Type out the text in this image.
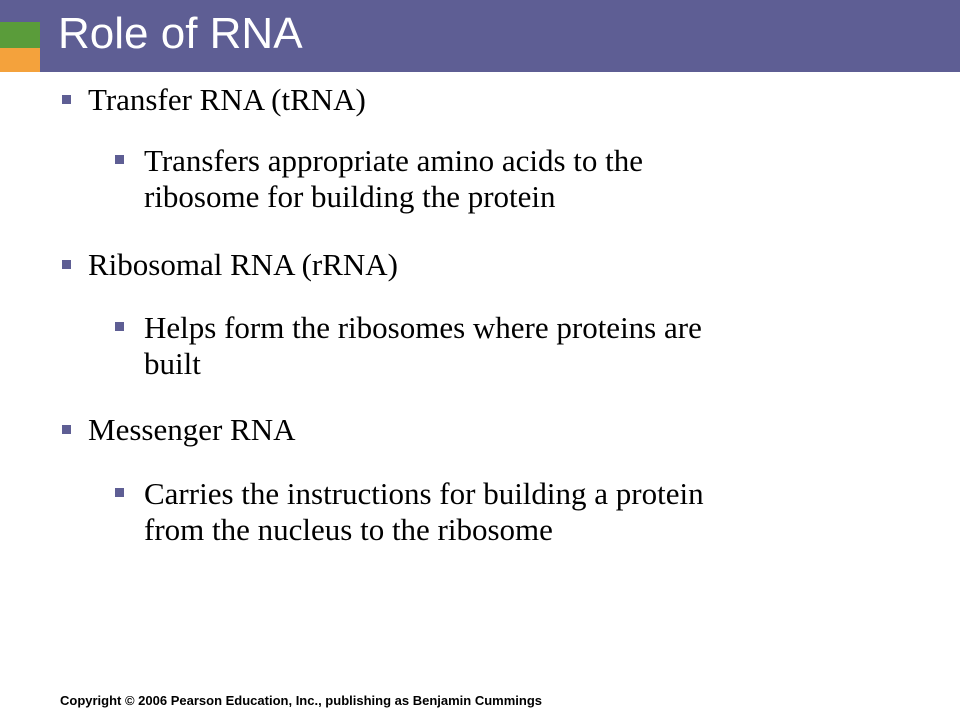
Role of RNA
Transfer RNA (tRNA)
Transfers appropriate amino acids to the
ribosome for building the protein
Ribosomal RNA (rRNA)
Helps form the ribosomes where proteins are
built
Messenger RNA
Carries the instructions for building a protein
from the nucleus to the ribosome
Copyright © 2006 Pearson Education, Inc., publishing as Benjamin Cummings
